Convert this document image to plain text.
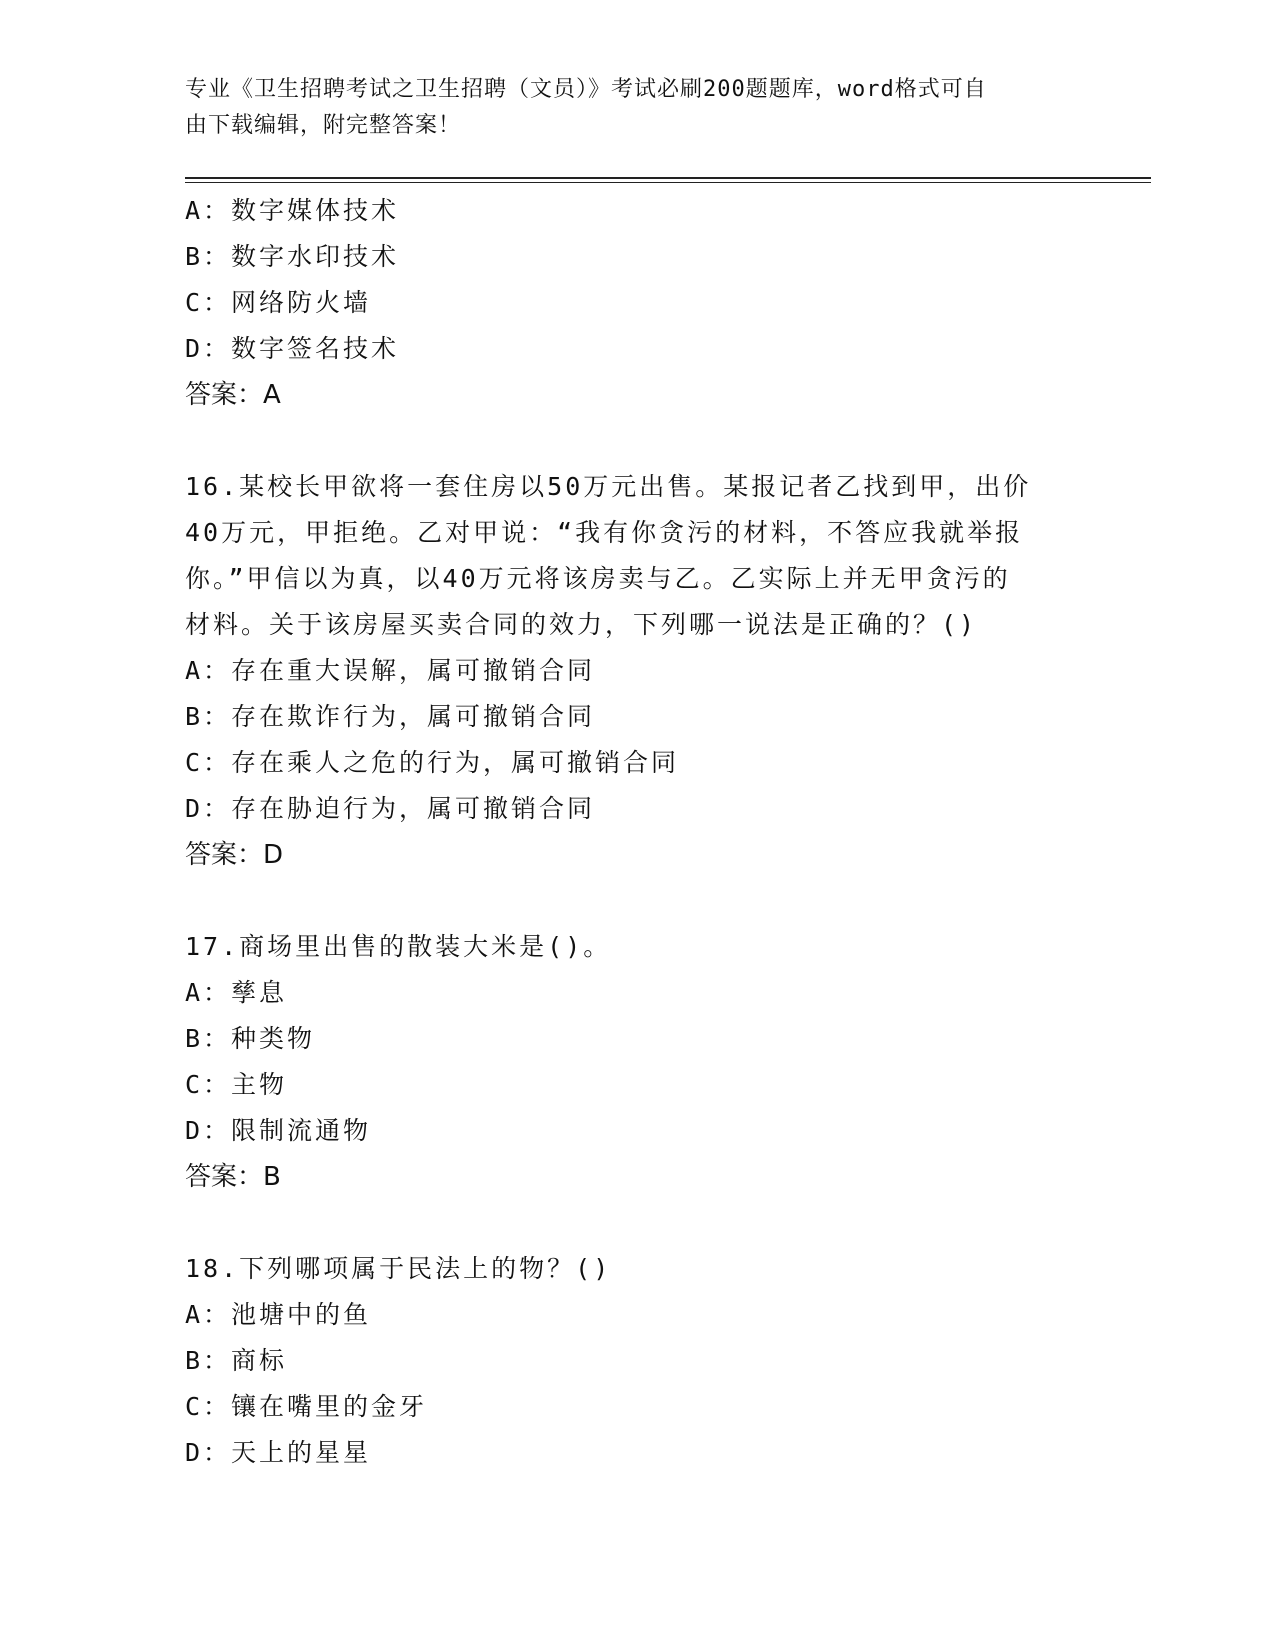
专业《卫生招聘考试之卫生招聘（文员）》考试必刷200题题库，word格式可自
由下载编辑，附完整答案！
A：数字媒体技术
B：数字水印技术
C：网络防火墙
D：数字签名技术
答案：A
16.某校长甲欲将一套住房以50万元出售。某报记者乙找到甲，出价
40万元，甲拒绝。乙对甲说：“我有你贪污的材料，不答应我就举报
你。”甲信以为真，以40万元将该房卖与乙。乙实际上并无甲贪污的
材料。关于该房屋买卖合同的效力，下列哪一说法是正确的？()
A：存在重大误解，属可撤销合同
B：存在欺诈行为，属可撤销合同
C：存在乘人之危的行为，属可撤销合同
D：存在胁迫行为，属可撤销合同
答案：D
17.商场里出售的散装大米是()。
A：孳息
B：种类物
C：主物
D：限制流通物
答案：B
18.下列哪项属于民法上的物？()
A：池塘中的鱼
B：商标
C：镶在嘴里的金牙
D：天上的星星
